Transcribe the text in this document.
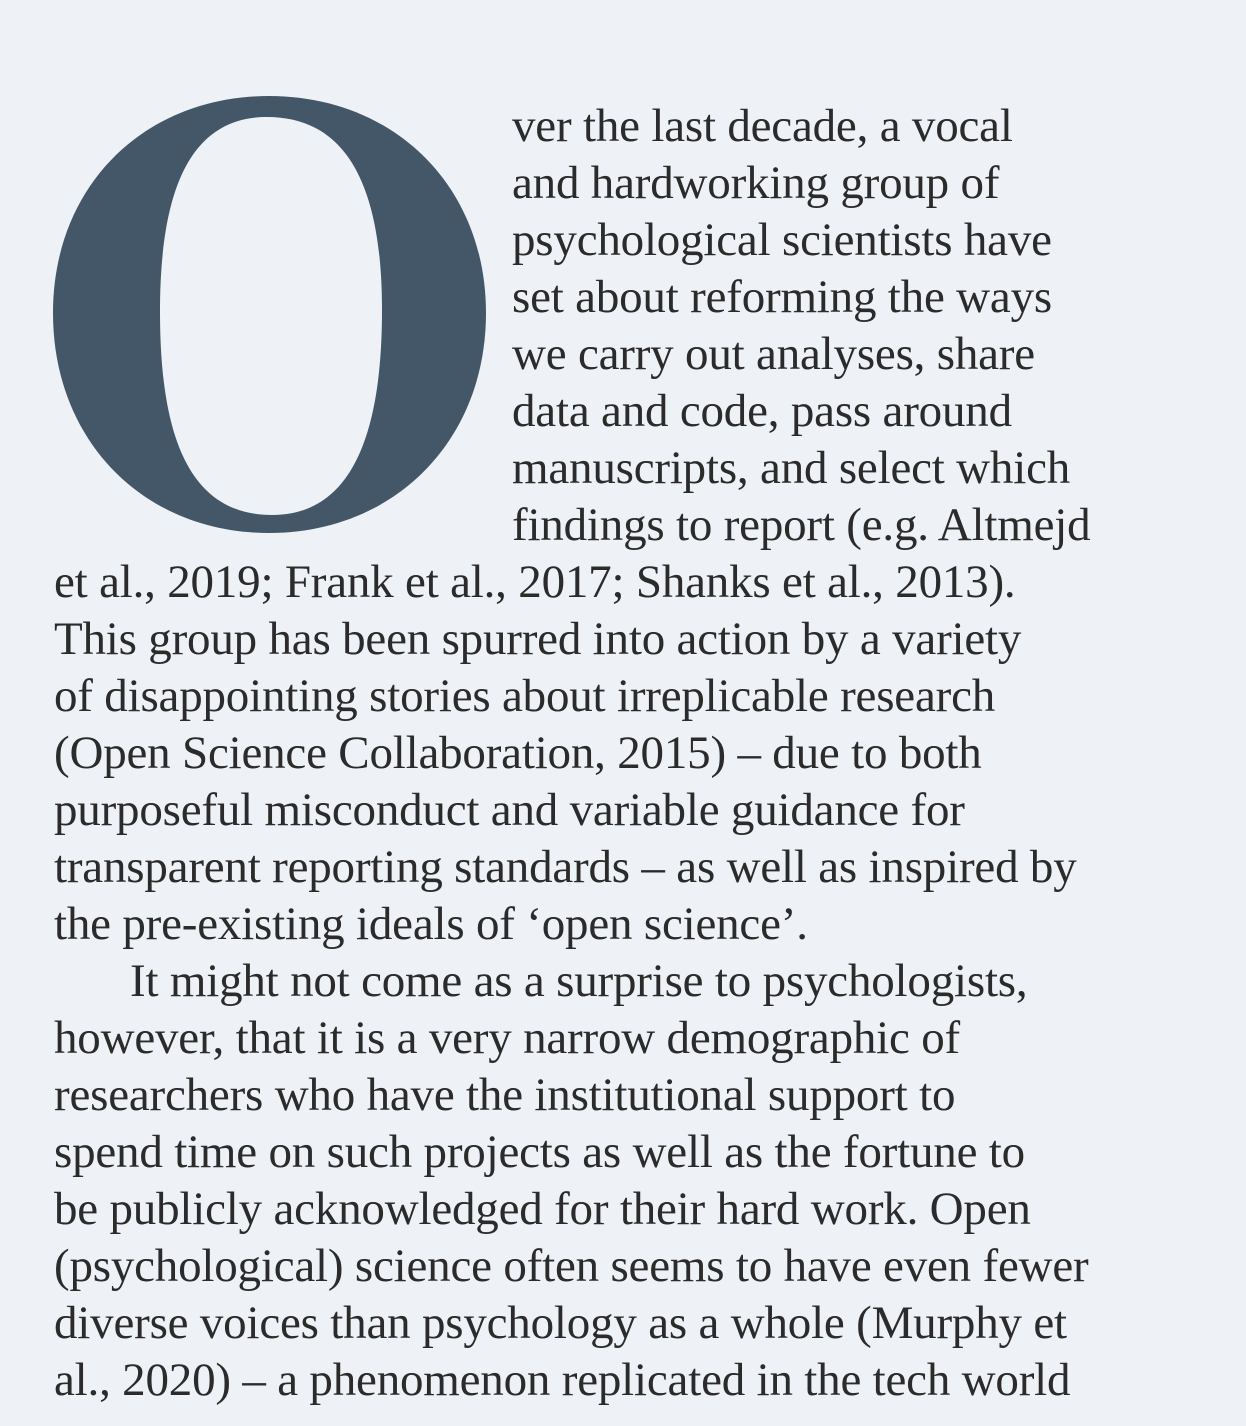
ver the last decade, a vocal
and hardworking group of
psychological scientists have
set about reforming the ways
we carry out analyses, share
data and code, pass around
manuscripts, and select which
findings to report (e.g. Altmejd
et al., 2019; Frank et al., 2017; Shanks et al., 2013).
This group has been spurred into action by a variety
of disappointing stories about irreplicable research
(Open Science Collaboration, 2015) – due to both
purposeful misconduct and variable guidance for
transparent reporting standards – as well as inspired by
the pre-existing ideals of ‘open science’.
It might not come as a surprise to psychologists,
however, that it is a very narrow demographic of
researchers who have the institutional support to
spend time on such projects as well as the fortune to
be publicly acknowledged for their hard work. Open
(psychological) science often seems to have even fewer
diverse voices than psychology as a whole (Murphy et
al., 2020) – a phenomenon replicated in the tech world
